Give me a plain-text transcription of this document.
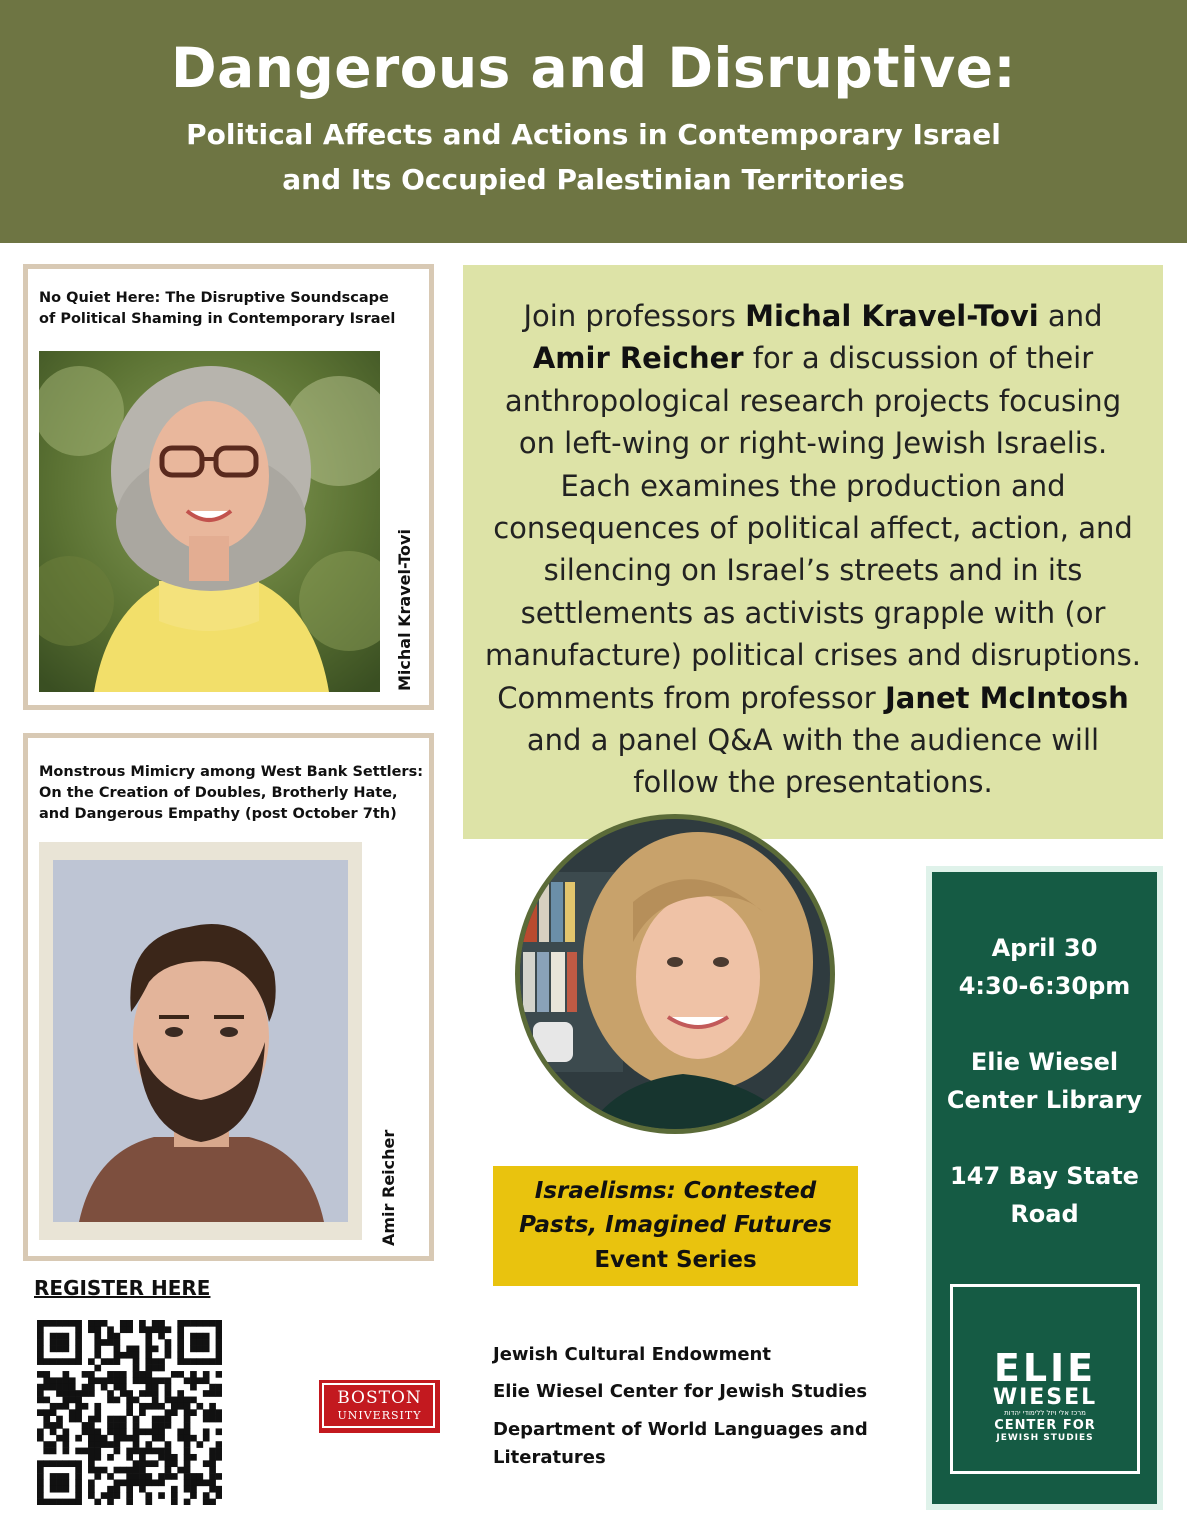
Dangerous and Disruptive:
Political Affects and Actions in Contemporary Israel
and Its Occupied Palestinian Territories
No Quiet Here: The Disruptive Soundscape
of Political Shaming in Contemporary Israel
Michal Kravel-Tovi
Monstrous Mimicry among West Bank Settlers:
On the Creation of Doubles, Brotherly Hate,
and Dangerous Empathy (post October 7th)
Amir Reicher
Join professors Michal Kravel-Tovi and Amir Reicher for a discussion of their anthropological research projects focusing on left-wing or right-wing Jewish Israelis. Each examines the production and consequences of political affect, action, and silencing on Israel’s streets and in its settlements as activists grapple with (or manufacture) political crises and disruptions. Comments from professor Janet McIntosh and a panel Q&A with the audience will follow the presentations.
Israelisms: Contested
Pasts, Imagined Futures
Event Series
April 30
4:30-6:30pm
Elie Wiesel
Center Library
147 Bay State
Road
ELIE
WIESEL
מרכז אלי ויזל ללימודי יהדות
CENTER FOR
JEWISH STUDIES
REGISTER HERE
BOSTON
UNIVERSITY
Jewish Cultural Endowment
Elie Wiesel Center for Jewish Studies
Department of World Languages and
Literatures
